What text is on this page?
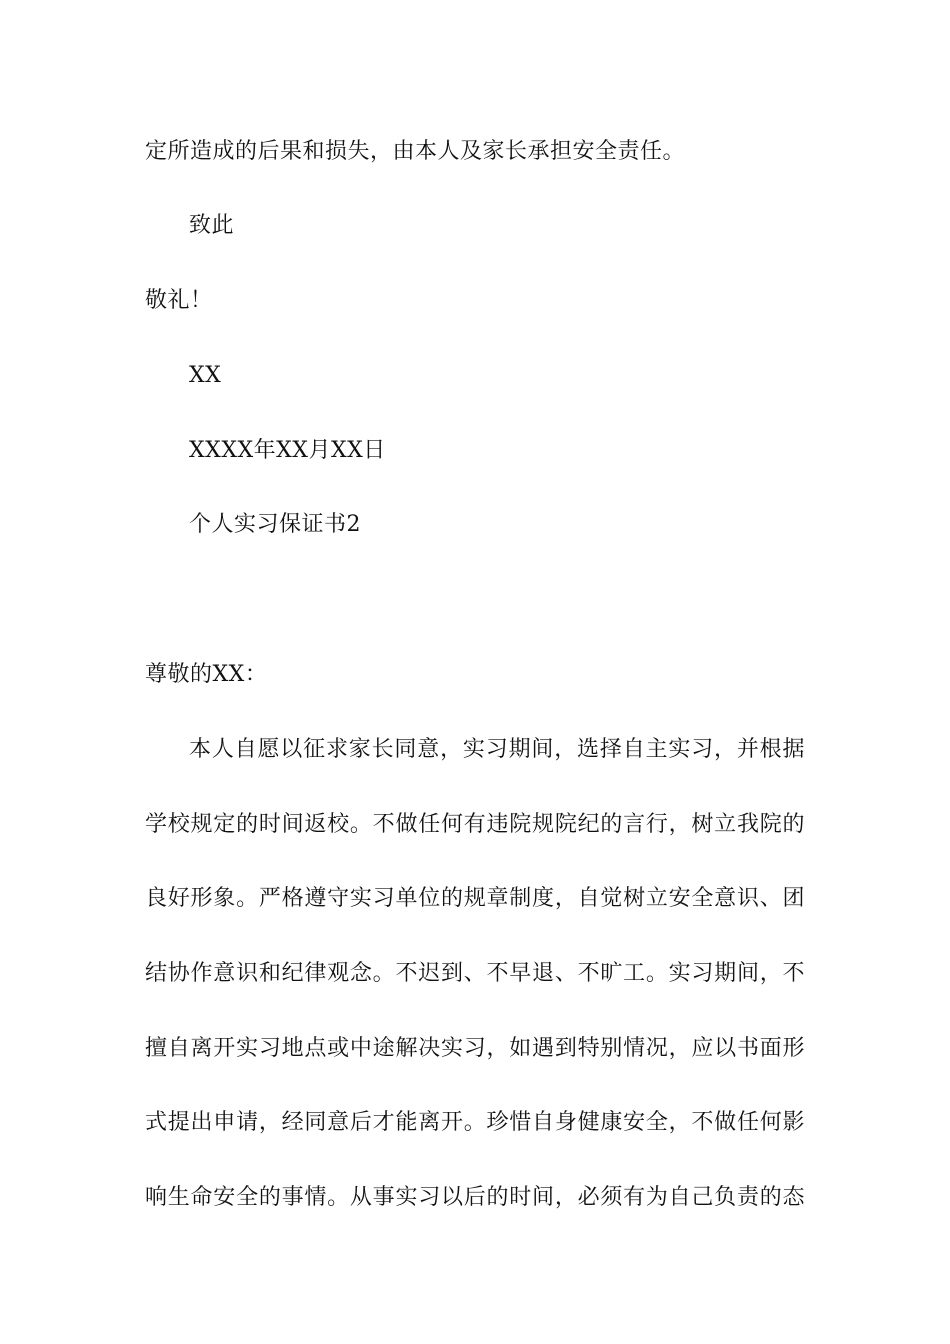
定所造成的后果和损失，由本人及家长承担安全责任。
致此
敬礼！
XX
XXXX年XX月XX日
个人实习保证书2
尊敬的XX：
本人自愿以征求家长同意，实习期间，选择自主实习，并根据
学校规定的时间返校。不做任何有违院规院纪的言行，树立我院的
良好形象。严格遵守实习单位的规章制度，自觉树立安全意识、团
结协作意识和纪律观念。不迟到、不早退、不旷工。实习期间，不
擅自离开实习地点或中途解决实习，如遇到特别情况，应以书面形
式提出申请，经同意后才能离开。珍惜自身健康安全，不做任何影
响生命安全的事情。从事实习以后的时间，必须有为自己负责的态
